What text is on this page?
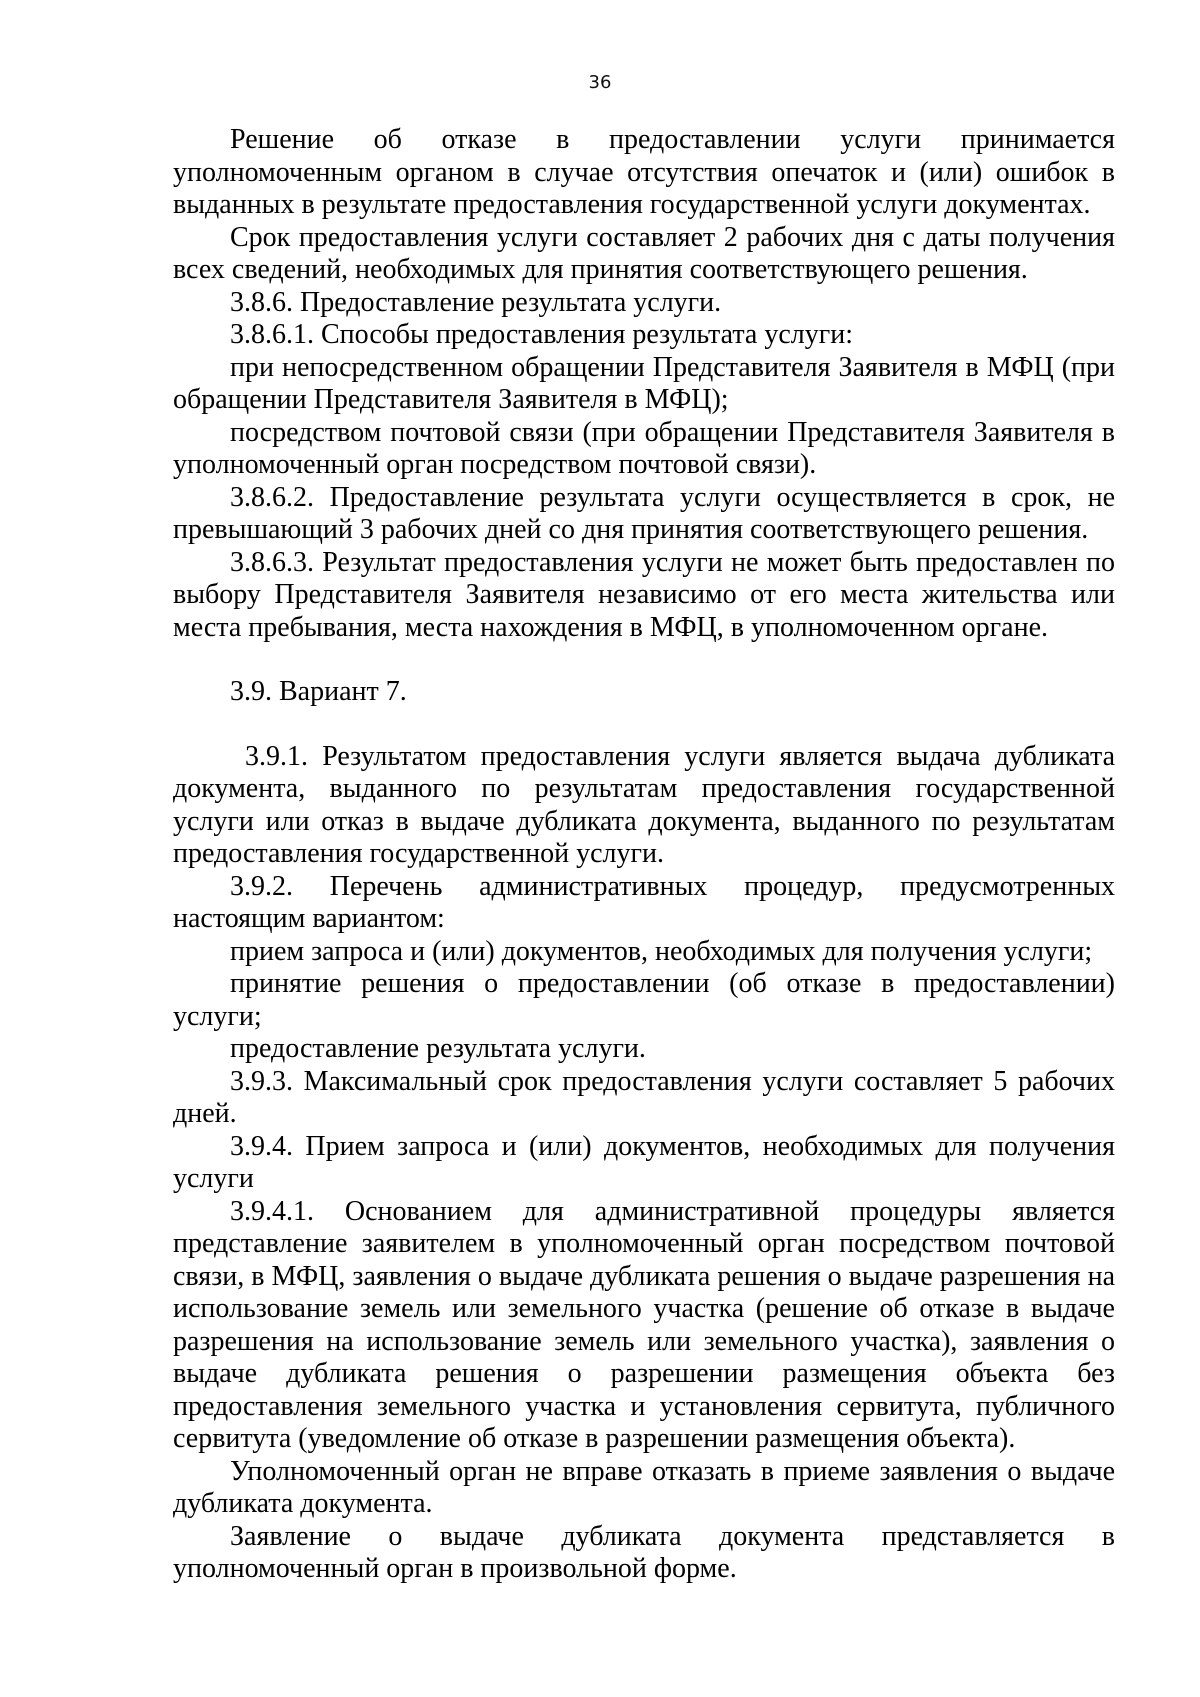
36

Решение об отказе в предоставлении услуги принимается уполномоченным органом в случае отсутствия опечаток и (или) ошибок в выданных в результате предоставления государственной услуги документах.

Срок предоставления услуги составляет 2 рабочих дня с даты получения всех сведений, необходимых для принятия соответствующего решения.

3.8.6. Предоставление результата услуги.

3.8.6.1. Способы предоставления результата услуги:

при непосредственном обращении Представителя Заявителя в МФЦ (при обращении Представителя Заявителя в МФЦ);

посредством почтовой связи (при обращении Представителя Заявителя в уполномоченный орган посредством почтовой связи).

3.8.6.2. Предоставление результата услуги осуществляется в срок, не превышающий 3 рабочих дней со дня принятия соответствующего решения.

3.8.6.3. Результат предоставления услуги не может быть предоставлен по выбору Представителя Заявителя независимо от его места жительства или места пребывания, места нахождения в МФЦ, в уполномоченном органе.

3.9. Вариант 7.

3.9.1. Результатом предоставления услуги является выдача дубликата документа, выданного по результатам предоставления государственной услуги или отказ в выдаче дубликата документа, выданного по результатам предоставления государственной услуги.

3.9.2. Перечень административных процедур, предусмотренных настоящим вариантом:

прием запроса и (или) документов, необходимых для получения услуги;

принятие решения о предоставлении (об отказе в предоставлении) услуги;

предоставление результата услуги.

3.9.3. Максимальный срок предоставления услуги составляет 5 рабочих дней.

3.9.4. Прием запроса и (или) документов, необходимых для получения услуги

3.9.4.1. Основанием для административной процедуры является представление заявителем в уполномоченный орган посредством почтовой связи, в МФЦ, заявления о выдаче дубликата решения о выдаче разрешения на использование земель или земельного участка (решение об отказе в выдаче разрешения на использование земель или земельного участка), заявления о выдаче дубликата решения о разрешении размещения объекта без предоставления земельного участка и установления сервитута, публичного сервитута (уведомление об отказе в разрешении размещения объекта).

Уполномоченный орган не вправе отказать в приеме заявления о выдаче дубликата документа.

Заявление о выдаче дубликата документа представляется в уполномоченный орган в произвольной форме.
